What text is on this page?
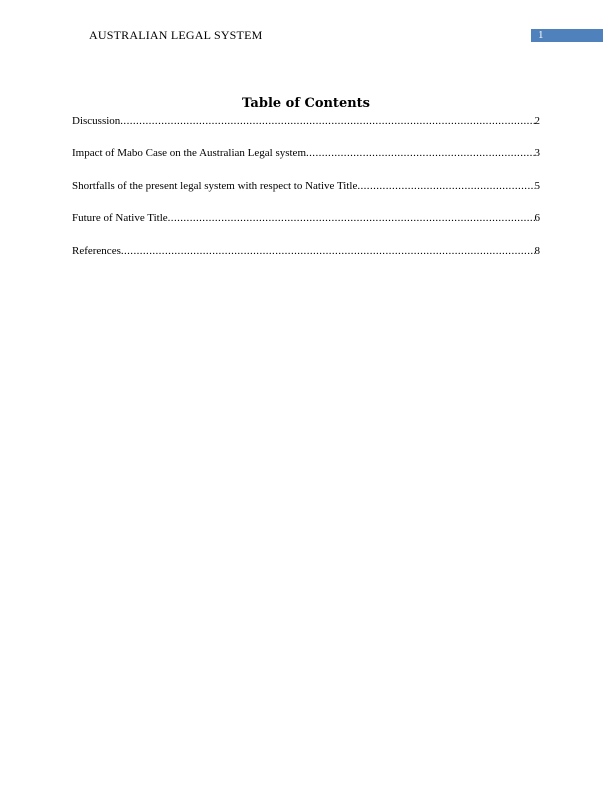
AUSTRALIAN LEGAL SYSTEM	1
Table of Contents
Discussion .....	2
Impact of Mabo Case on the Australian Legal system .....	3
Shortfalls of the present legal system with respect to Native Title .....	5
Future of Native Title .....	6
References .....	8
